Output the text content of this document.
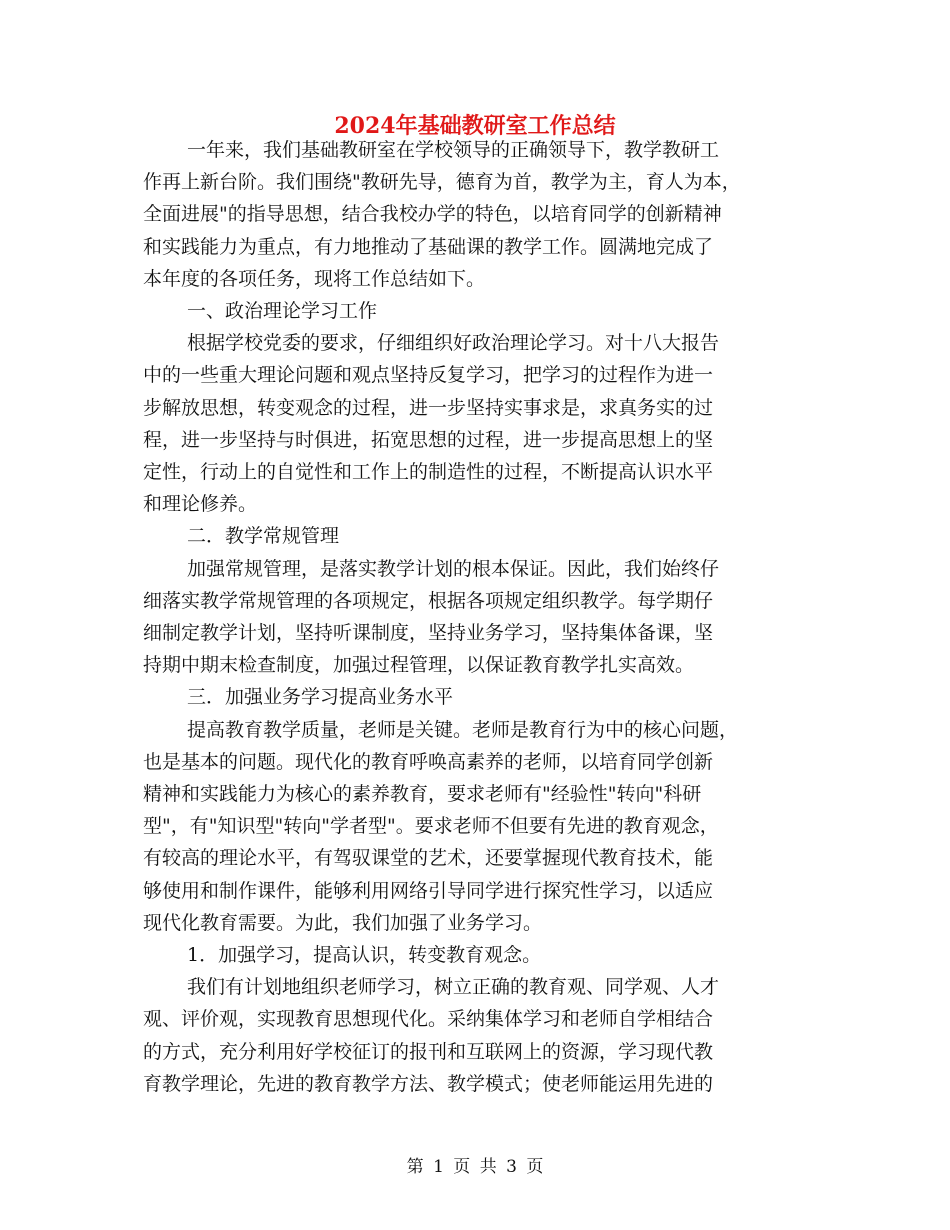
2024年基础教研室工作总结
一年来，我们基础教研室在学校领导的正确领导下，教学教研工
作再上新台阶。我们围绕"教研先导，德育为首，教学为主，育人为本，
全面进展"的指导思想，结合我校办学的特色，以培育同学的创新精神
和实践能力为重点，有力地推动了基础课的教学工作。圆满地完成了
本年度的各项任务，现将工作总结如下。
一、政治理论学习工作
根据学校党委的要求，仔细组织好政治理论学习。对十八大报告
中的一些重大理论问题和观点坚持反复学习，把学习的过程作为进一
步解放思想，转变观念的过程，进一步坚持实事求是，求真务实的过
程，进一步坚持与时俱进，拓宽思想的过程，进一步提高思想上的坚
定性，行动上的自觉性和工作上的制造性的过程，不断提高认识水平
和理论修养。
二．教学常规管理
加强常规管理，是落实教学计划的根本保证。因此，我们始终仔
细落实教学常规管理的各项规定，根据各项规定组织教学。每学期仔
细制定教学计划，坚持听课制度，坚持业务学习，坚持集体备课，坚
持期中期末检查制度，加强过程管理，以保证教育教学扎实高效。
三．加强业务学习提高业务水平
提高教育教学质量，老师是关键。老师是教育行为中的核心问题，
也是基本的问题。现代化的教育呼唤高素养的老师，以培育同学创新
精神和实践能力为核心的素养教育，要求老师有"经验性"转向"科研
型"，有"知识型"转向"学者型"。要求老师不但要有先进的教育观念，
有较高的理论水平，有驾驭课堂的艺术，还要掌握现代教育技术，能
够使用和制作课件，能够利用网络引导同学进行探究性学习，以适应
现代化教育需要。为此，我们加强了业务学习。
1．加强学习，提高认识，转变教育观念。
我们有计划地组织老师学习，树立正确的教育观、同学观、人才
观、评价观，实现教育思想现代化。采纳集体学习和老师自学相结合
的方式，充分利用好学校征订的报刊和互联网上的资源，学习现代教
育教学理论，先进的教育教学方法、教学模式；使老师能运用先进的
第 1 页 共 3 页
